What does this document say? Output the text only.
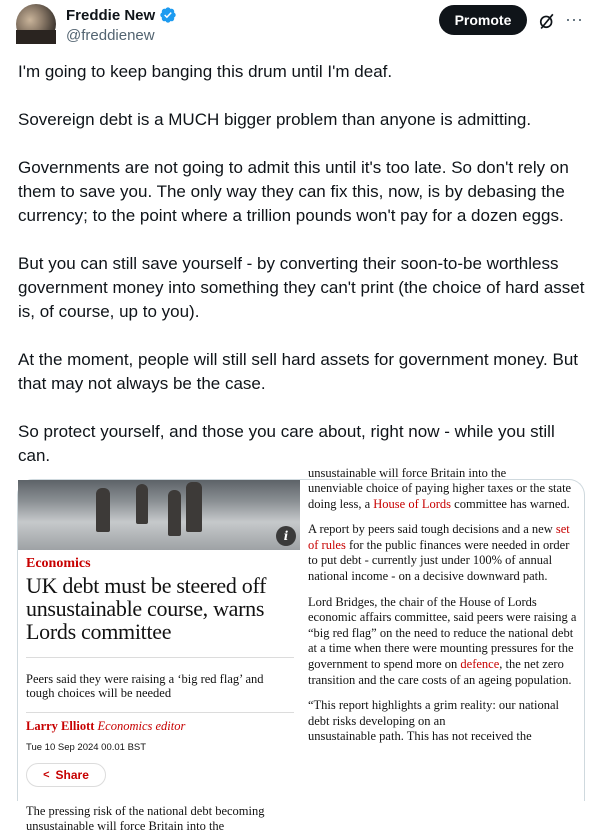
Freddie New
@freddienew
Promote	···

I'm going to keep banging this drum until I'm deaf.

Sovereign debt is a MUCH bigger problem than anyone is admitting.

Governments are not going to admit this until it's too late. So don't rely on them to save you. The only way they can fix this, now, is by debasing the currency; to the point where a trillion pounds won't pay for a dozen eggs.

But you can still save yourself - by converting their soon-to-be worthless government money into something they can't print (the choice of hard asset is, of course, up to you).

At the moment, people will still sell hard assets for government money. But that may not always be the case.

So protect yourself, and those you care about, right now - while you still can.

i
Economics
UK debt must be steered off unsustainable course, warns Lords committee
Peers said they were raising a ‘big red flag’ and tough choices will be needed
Larry Elliott Economics editor
Tue 10 Sep 2024 00.01 BST
< Share
The pressing risk of the national debt becoming
unsustainable will force Britain into the
unsustainable will force Britain into the

unenviable choice of paying higher taxes or the state doing less, a House of Lords committee has warned.

A report by peers said tough decisions and a new set of rules for the public finances were needed in order to put debt - currently just under 100% of annual national income - on a decisive downward path.

Lord Bridges, the chair of the House of Lords economic affairs committee, said peers were raising a “big red flag” on the need to reduce the national debt at a time when there were mounting pressures for the government to spend more on defence, the net zero transition and the care costs of an ageing population.

“This report highlights a grim reality: our national debt risks developing on an
unsustainable path. This has not received the
